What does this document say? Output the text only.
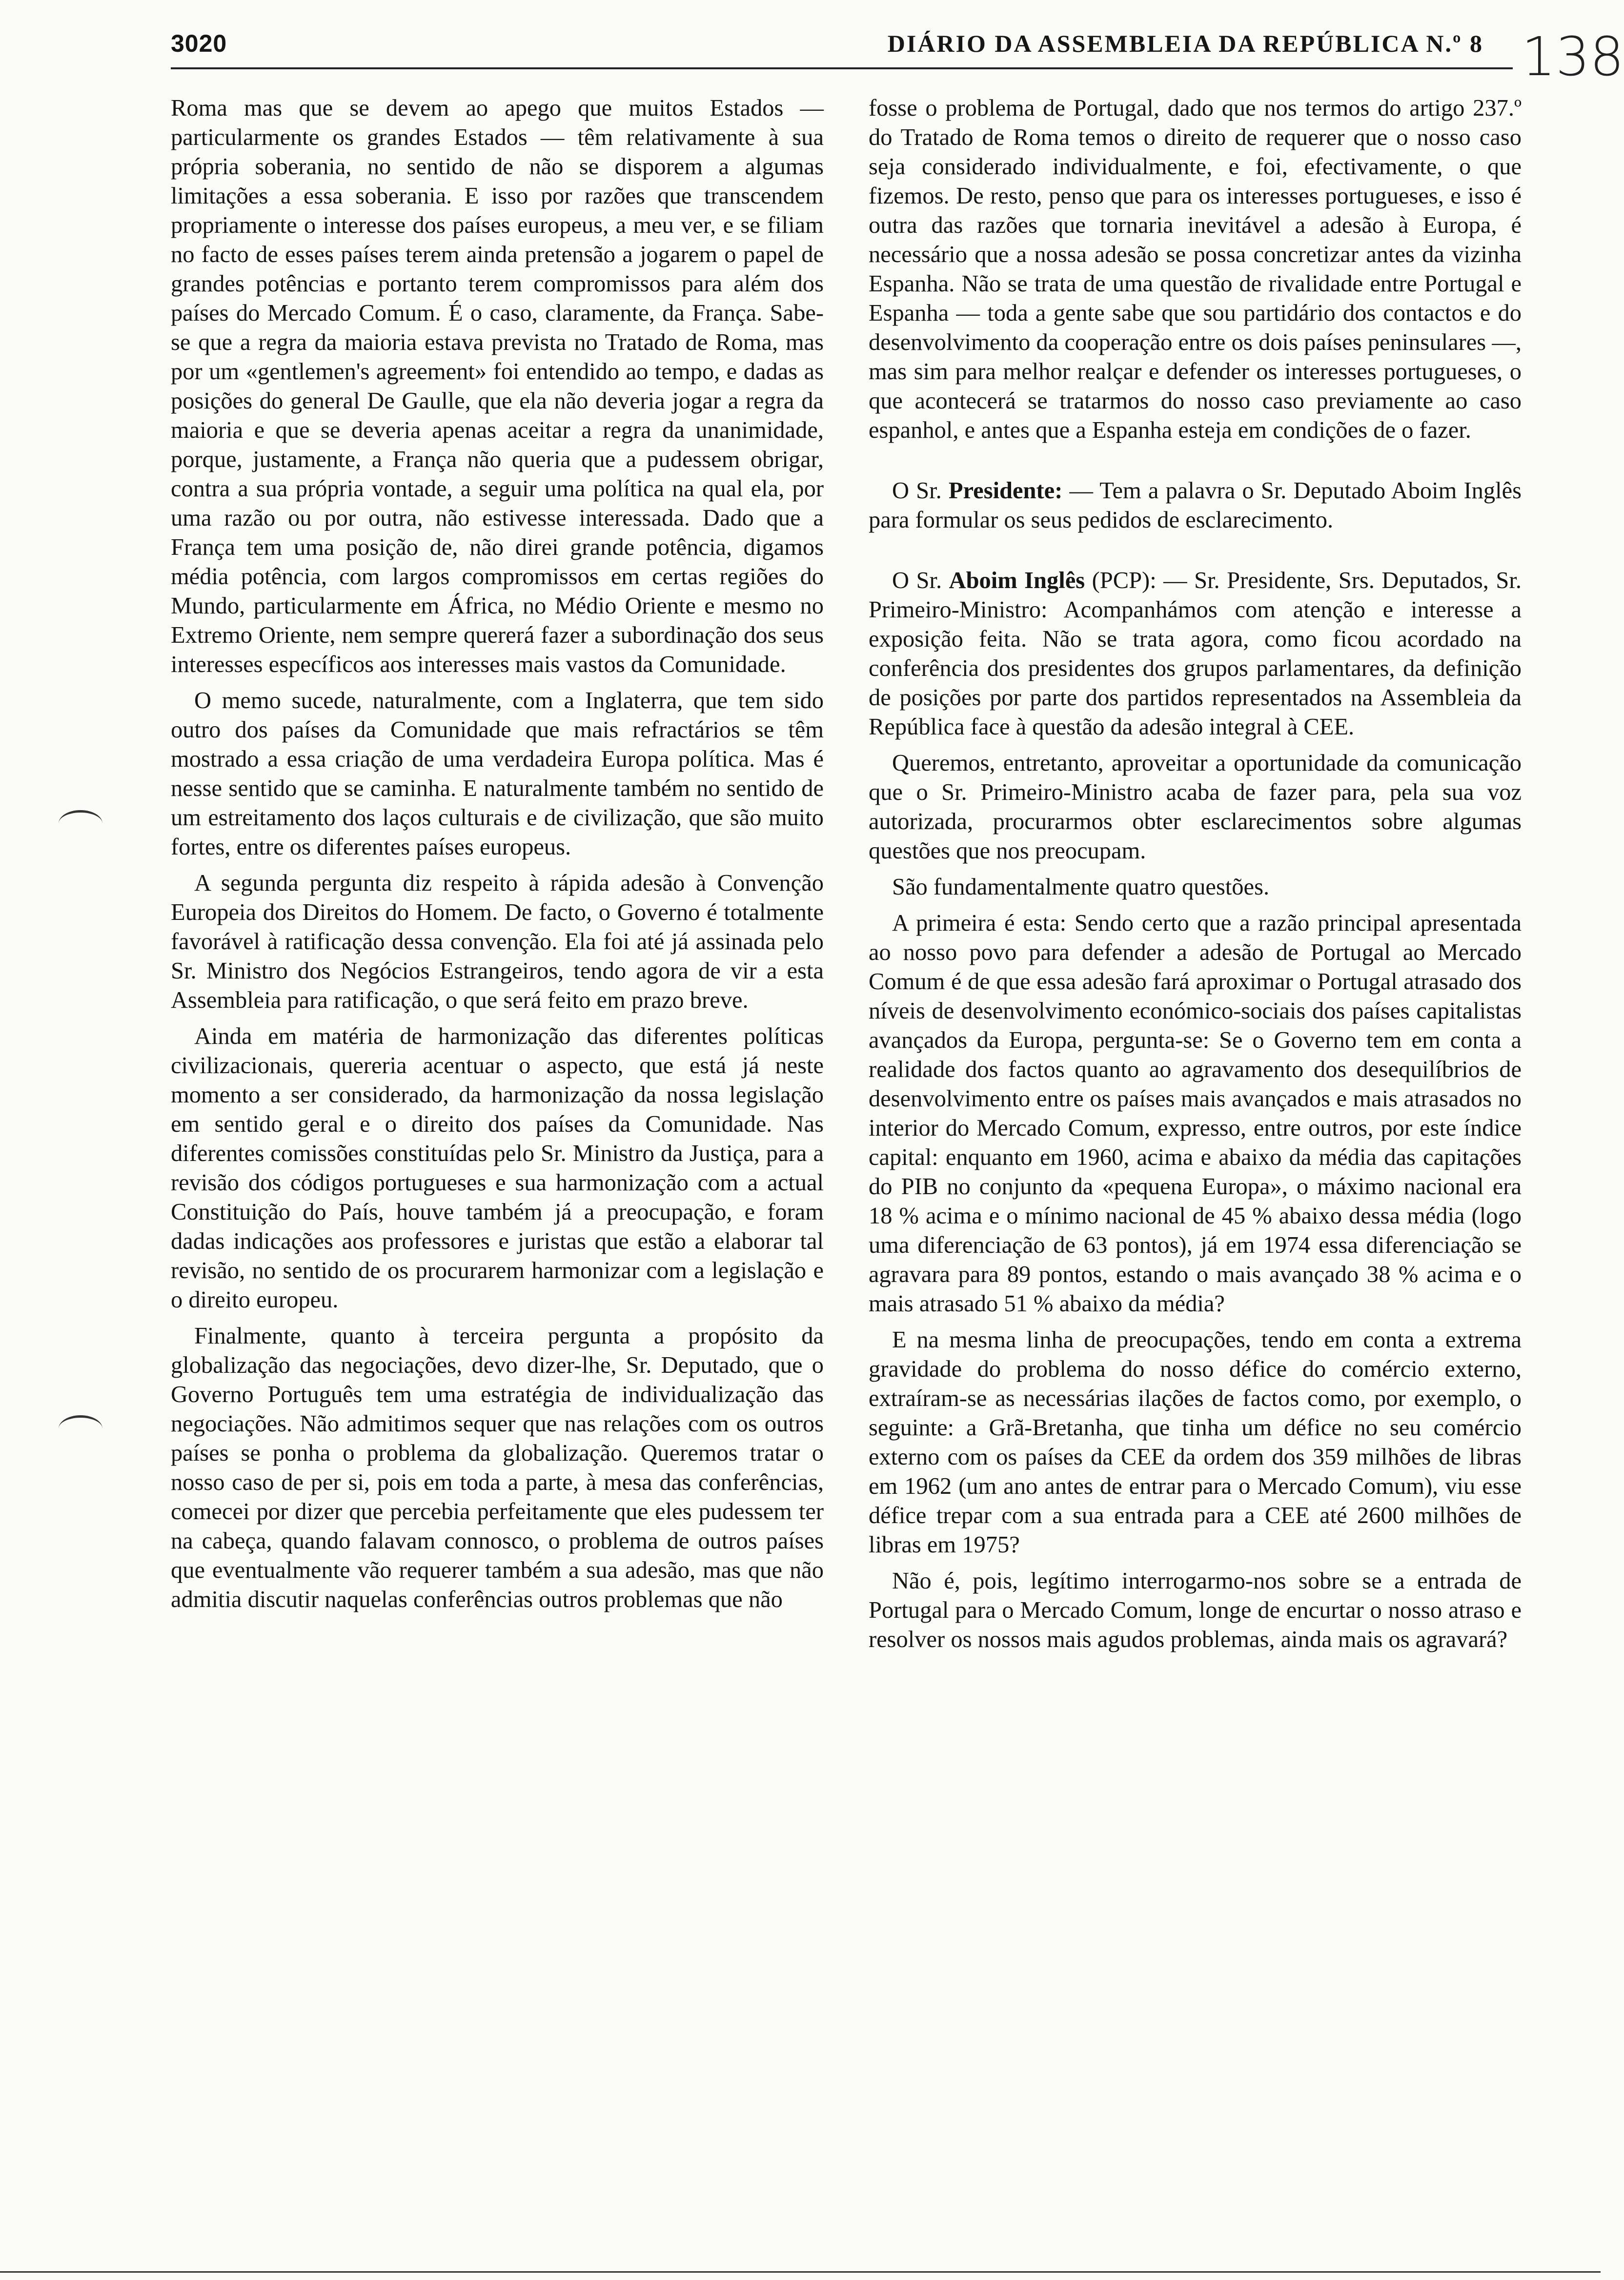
3020	DIÁRIO DA ASSEMBLEIA DA REPÚBLICA N.º 8 138

Roma mas que se devem ao apego que muitos Estados — particularmente os grandes Estados — têm relativamente à sua própria soberania, no sentido de não se disporem a algumas limitações a essa soberania. E isso por razões que transcendem propriamente o interesse dos países europeus, a meu ver, e se filiam no facto de esses países terem ainda pretensão a jogarem o papel de grandes potências e portanto terem compromissos para além dos países do Mercado Comum. É o caso, claramente, da França. Sabe-se que a regra da maioria estava prevista no Tratado de Roma, mas por um «gentlemen's agreement» foi entendido ao tempo, e dadas as posições do general De Gaulle, que ela não deveria jogar a regra da maioria e que se deveria apenas aceitar a regra da unanimidade, porque, justamente, a França não queria que a pudessem obrigar, contra a sua própria vontade, a seguir uma política na qual ela, por uma razão ou por outra, não estivesse interessada. Dado que a França tem uma posição de, não direi grande potência, digamos média potência, com largos compromissos em certas regiões do Mundo, particularmente em África, no Médio Oriente e mesmo no Extremo Oriente, nem sempre quererá fazer a subordinação dos seus interesses específicos aos interesses mais vastos da Comunidade.

O memo sucede, naturalmente, com a Inglaterra, que tem sido outro dos países da Comunidade que mais refractários se têm mostrado a essa criação de uma verdadeira Europa política. Mas é nesse sentido que se caminha. E naturalmente também no sentido de um estreitamento dos laços culturais e de civilização, que são muito fortes, entre os diferentes países europeus.

A segunda pergunta diz respeito à rápida adesão à Convenção Europeia dos Direitos do Homem. De facto, o Governo é totalmente favorável à ratificação dessa convenção. Ela foi até já assinada pelo Sr. Ministro dos Negócios Estrangeiros, tendo agora de vir a esta Assembleia para ratificação, o que será feito em prazo breve.

Ainda em matéria de harmonização das diferentes políticas civilizacionais, quereria acentuar o aspecto, que está já neste momento a ser considerado, da harmonização da nossa legislação em sentido geral e o direito dos países da Comunidade. Nas diferentes comissões constituídas pelo Sr. Ministro da Justiça, para a revisão dos códigos portugueses e sua harmonização com a actual Constituição do País, houve também já a preocupação, e foram dadas indicações aos professores e juristas que estão a elaborar tal revisão, no sentido de os procurarem harmonizar com a legislação e o direito europeu.

Finalmente, quanto à terceira pergunta a propósito da globalização das negociações, devo dizer-lhe, Sr. Deputado, que o Governo Português tem uma estratégia de individualização das negociações. Não admitimos sequer que nas relações com os outros países se ponha o problema da globalização. Queremos tratar o nosso caso de per si, pois em toda a parte, à mesa das conferências, comecei por dizer que percebia perfeitamente que eles pudessem ter na cabeça, quando falavam connosco, o problema de outros países que eventualmente vão requerer também a sua adesão, mas que não admitia discutir naquelas conferências outros problemas que não

fosse o problema de Portugal, dado que nos termos do artigo 237.º do Tratado de Roma temos o direito de requerer que o nosso caso seja considerado individualmente, e foi, efectivamente, o que fizemos. De resto, penso que para os interesses portugueses, e isso é outra das razões que tornaria inevitável a adesão à Europa, é necessário que a nossa adesão se possa concretizar antes da vizinha Espanha. Não se trata de uma questão de rivalidade entre Portugal e Espanha — toda a gente sabe que sou partidário dos contactos e do desenvolvimento da cooperação entre os dois países peninsulares —, mas sim para melhor realçar e defender os interesses portugueses, o que acontecerá se tratarmos do nosso caso previamente ao caso espanhol, e antes que a Espanha esteja em condições de o fazer.

O Sr. Presidente: — Tem a palavra o Sr. Deputado Aboim Inglês para formular os seus pedidos de esclarecimento.

O Sr. Aboim Inglês (PCP): — Sr. Presidente, Srs. Deputados, Sr. Primeiro-Ministro: Acompanhámos com atenção e interesse a exposição feita. Não se trata agora, como ficou acordado na conferência dos presidentes dos grupos parlamentares, da definição de posições por parte dos partidos representados na Assembleia da República face à questão da adesão integral à CEE.

Queremos, entretanto, aproveitar a oportunidade da comunicação que o Sr. Primeiro-Ministro acaba de fazer para, pela sua voz autorizada, procurarmos obter esclarecimentos sobre algumas questões que nos preocupam.

São fundamentalmente quatro questões.

A primeira é esta: Sendo certo que a razão principal apresentada ao nosso povo para defender a adesão de Portugal ao Mercado Comum é de que essa adesão fará aproximar o Portugal atrasado dos níveis de desenvolvimento económico-sociais dos países capitalistas avançados da Europa, pergunta-se: Se o Governo tem em conta a realidade dos factos quanto ao agravamento dos desequilíbrios de desenvolvimento entre os países mais avançados e mais atrasados no interior do Mercado Comum, expresso, entre outros, por este índice capital: enquanto em 1960, acima e abaixo da média das capitações do PIB no conjunto da «pequena Europa», o máximo nacional era 18 % acima e o mínimo nacional de 45 % abaixo dessa média (logo uma diferenciação de 63 pontos), já em 1974 essa diferenciação se agravara para 89 pontos, estando o mais avançado 38 % acima e o mais atrasado 51 % abaixo da média?

E na mesma linha de preocupações, tendo em conta a extrema gravidade do problema do nosso défice do comércio externo, extraíram-se as necessárias ilações de factos como, por exemplo, o seguinte: a Grã-Bretanha, que tinha um défice no seu comércio externo com os países da CEE da ordem dos 359 milhões de libras em 1962 (um ano antes de entrar para o Mercado Comum), viu esse défice trepar com a sua entrada para a CEE até 2600 milhões de libras em 1975?

Não é, pois, legítimo interrogarmo-nos sobre se a entrada de Portugal para o Mercado Comum, longe de encurtar o nosso atraso e resolver os nossos mais agudos problemas, ainda mais os agravará?
